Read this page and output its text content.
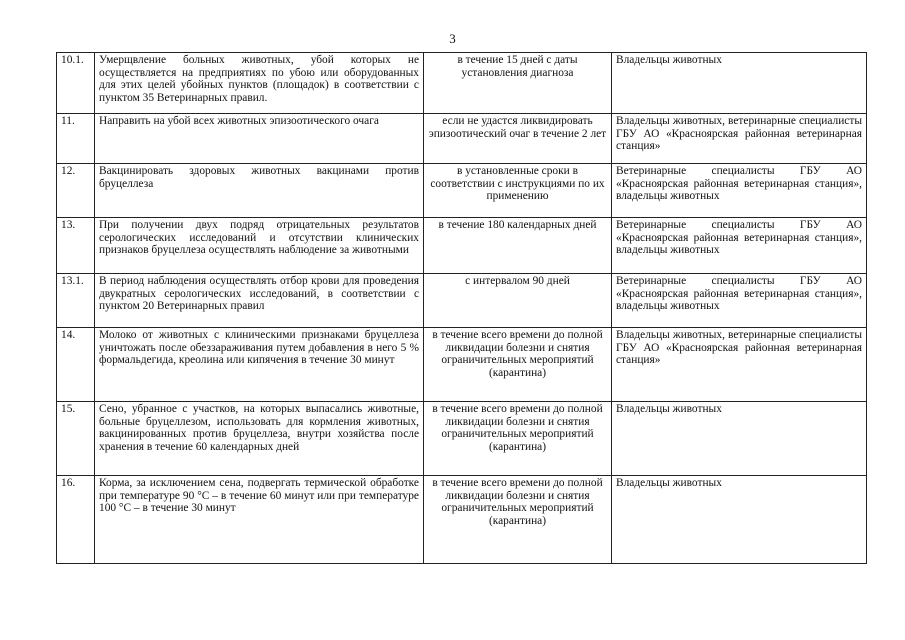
3
10.1.	Умерщвление больных животных, убой которых не осуществляется на предприятиях по убою или оборудованных для этих целей убойных пунктов (площадок) в соответствии с пунктом 35 Ветеринарных правил.	в течение 15 дней с даты установления диагноза	Владельцы животных
11.	Направить на убой всех животных эпизоотического очага	если не удастся ликвидировать эпизоотический очаг в течение 2 лет	Владельцы животных, ветеринарные специалисты ГБУ АО «Красноярская районная ветеринарная станция»
12.	Вакцинировать здоровых животных вакцинами против бруцеллеза	в установленные сроки в соответствии с инструкциями по их применению	Ветеринарные специалисты ГБУ АО «Красноярская районная ветеринарная станция», владельцы животных
13.	При получении двух подряд отрицательных результатов серологических исследований и отсутствии клинических признаков бруцеллеза осуществлять наблюдение за животными	в течение 180 календарных дней	Ветеринарные специалисты ГБУ АО «Красноярская районная ветеринарная станция», владельцы животных
13.1.	В период наблюдения осуществлять отбор крови для проведения двукратных серологических исследований, в соответствии с пунктом 20 Ветеринарных правил	с интервалом 90 дней	Ветеринарные специалисты ГБУ АО «Красноярская районная ветеринарная станция», владельцы животных
14.	Молоко от животных с клиническими признаками бруцеллеза уничтожать после обеззараживания путем добавления в него 5 % формальдегида, креолина или кипячения в течение 30 минут	в течение всего времени до полной ликвидации болезни и снятия ограничительных мероприятий (карантина)	Владельцы животных, ветеринарные специалисты ГБУ АО «Красноярская районная ветеринарная станция»
15.	Сено, убранное с участков, на которых выпасались животные, больные бруцеллезом, использовать для кормления животных, вакцинированных против бруцеллеза, внутри хозяйства после хранения в течение 60 календарных дней	в течение всего времени до полной ликвидации болезни и снятия ограничительных мероприятий (карантина)	Владельцы животных
16.	Корма, за исключением сена, подвергать термической обработке при температуре 90 °С – в течение 60 минут или при температуре 100 °С – в течение 30 минут	в течение всего времени до полной ликвидации болезни и снятия ограничительных мероприятий (карантина)	Владельцы животных
